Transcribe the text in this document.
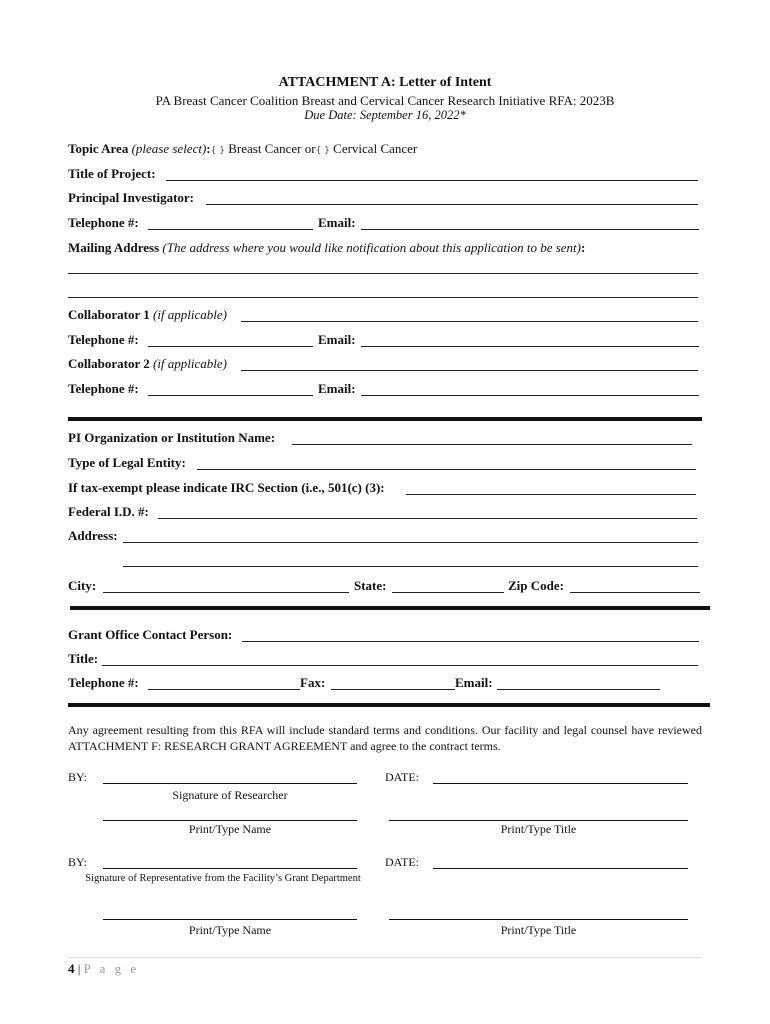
ATTACHMENT A: Letter of Intent
PA Breast Cancer Coalition Breast and Cervical Cancer Research Initiative RFA: 2023B
Due Date: September 16, 2022*
Topic Area (please select):{ } Breast Cancer or{ } Cervical Cancer
Title of Project:
Principal Investigator:
Telephone #:	Email:
Mailing Address (The address where you would like notification about this application to be sent):
Collaborator 1 (if applicable)
Telephone #:	Email:
Collaborator 2 (if applicable)
Telephone #:	Email:
PI Organization or Institution Name:
Type of Legal Entity:
If tax-exempt please indicate IRC Section (i.e., 501(c) (3):
Federal I.D. #:
Address:
City:	State:	Zip Code:
Grant Office Contact Person:
Title:
Telephone #:	Fax:	Email:
Any agreement resulting from this RFA will include standard terms and conditions. Our facility and legal counsel have reviewed ATTACHMENT F: RESEARCH GRANT AGREEMENT and agree to the contract terms.
BY:
Signature of Researcher
DATE:
Print/Type Name	Print/Type Title
BY:
Signature of Representative from the Facility’s Grant Department
DATE:
Print/Type Name	Print/Type Title
4 | P a g e
